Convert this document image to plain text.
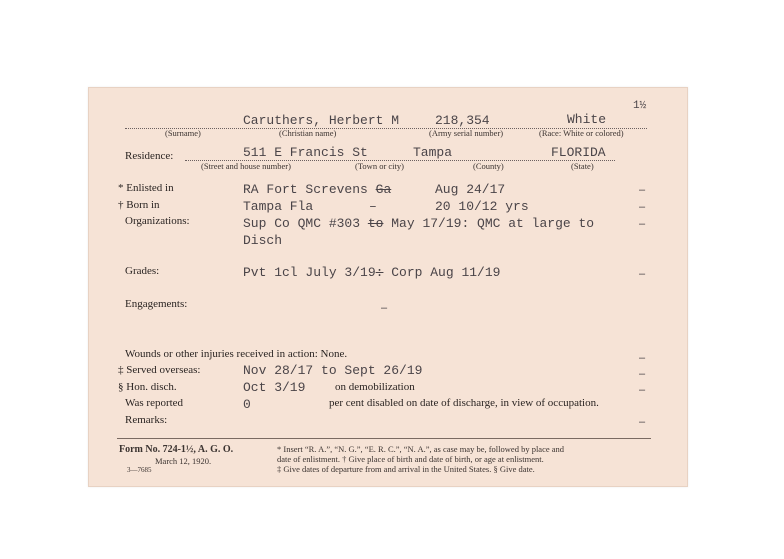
1½
Caruthers, Herbert M	218,354	White
(Surname)	(Christian name)	(Army serial number)	(Race: White or colored)
Residence:	511 E Francis St	Tampa	FLORIDA
(Street and house number)	(Town or city)	(County)	(State)
* Enlisted in	RA Fort Screvens Ga	Aug 24/17	–
† Born in	Tampa Fla	–	20 10/12 yrs	–
Organizations:	Sup Co QMC #303 to May 17/19: QMC at large to
Disch
–
Grades:	Pvt 1cl July 3/19: Corp Aug 11/19	–
Engagements:	–
Wounds or other injuries received in action: None.	–
‡ Served overseas:	Nov 28/17 to Sept 26/19	–
§ Hon. disch.	Oct 3/19	on demobilization	–
Was reported	0	per cent disabled on date of discharge, in view of occupation.
Remarks:	–
Form No. 724-1½, A. G. O.
March 12, 1920.
3—7685
* Insert “R. A.”, “N. G.”, “E. R. C.”, “N. A.”, as case may be, followed by place and
date of enlistment. † Give place of birth and date of birth, or age at enlistment.
‡ Give dates of departure from and arrival in the United States. § Give date.
